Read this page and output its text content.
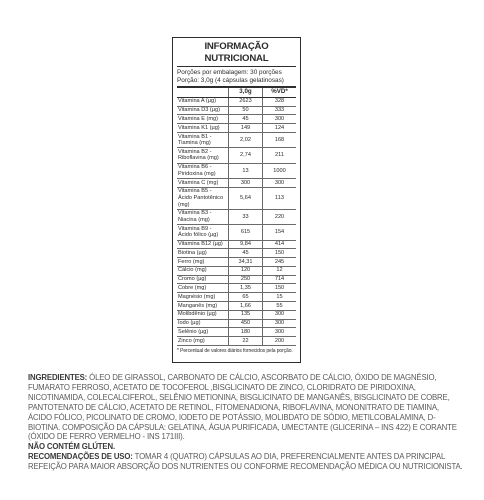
INFORMAÇÃO NUTRICIONAL
Porções por embalagem: 30 porções
Porção: 3,0g (4 cápsulas gelatinosas)
	3,0g	%VD*
Vitamina A (µg)	2623	328
Vitamina D3 (µg)	50	333
Vitamina E (mg)	45	300
Vitamina K1 (µg)	149	124
Vitamina B1 - Tiamina (mg)	2,02	168
Vitamina B2 - Riboflavina (mg)	2,74	211
Vitamina B6 - Piridoxina (mg)	13	1000
Vitamina C (mg)	300	300
Vitamina B5 - Ácido Pantotênico (mg)	5,64	113
Vitamina B3 - Niacina (mg)	33	220
Vitamina B9 - Ácido fólico (µg)	615	154
Vitamina B12 (µg)	9,84	414
Biotina (µg)	45	150
Ferro (mg)	34,31	245
Cálcio (mg)	120	12
Cromo (µg)	250	714
Cobre (mg)	1,35	150
Magnésio (mg)	65	15
Manganês (mg)	1,66	55
Molibdênio (µg)	135	300
Iodo (µg)	450	300
Selênio (µg)	180	300
Zinco (mg)	22	200
* Percentual de valores diários fornecidos pela porção.

INGREDIENTES: ÓLEO DE GIRASSOL, CARBONATO DE CÁLCIO, ASCORBATO DE CÁLCIO, ÓXIDO DE MAGNÉSIO, FUMARATO FERROSO, ACETATO DE TOCOFEROL ,BISGLICINATO DE ZINCO, CLORIDRATO DE PIRIDOXINA, NICOTINAMIDA, COLECALCIFEROL, SELÊNIO METIONINA, BISGLICINATO DE MANGANÊS, BISGLICINATO DE COBRE, PANTOTENATO DE CÁLCIO, ACETATO DE RETINOL, FITOMENADIONA, RIBOFLAVINA, MONONITRATO DE TIAMINA, ÁCIDO FÓLICO, PICOLINATO DE CROMO, IODETO DE POTÁSSIO, MOLIBDATO DE SÓDIO, METILCOBALAMINA, D-BIOTINA. COMPOSIÇÃO DA CÁPSULA: GELATINA, ÁGUA PURIFICADA, UMECTANTE (GLICERINA – INS 422) E CORANTE (ÓXIDO DE FERRO VERMELHO - INS 171III).

NÃO CONTÉM GLÚTEN.

RECOMENDAÇÕES DE USO: TOMAR 4 (QUATRO) CÁPSULAS AO DIA, PREFERENCIALMENTE ANTES DA PRINCIPAL REFEIÇÃO PARA MAIOR ABSORÇÃO DOS NUTRIENTES OU CONFORME RECOMENDAÇÃO MÉDICA OU NUTRICIONISTA.
